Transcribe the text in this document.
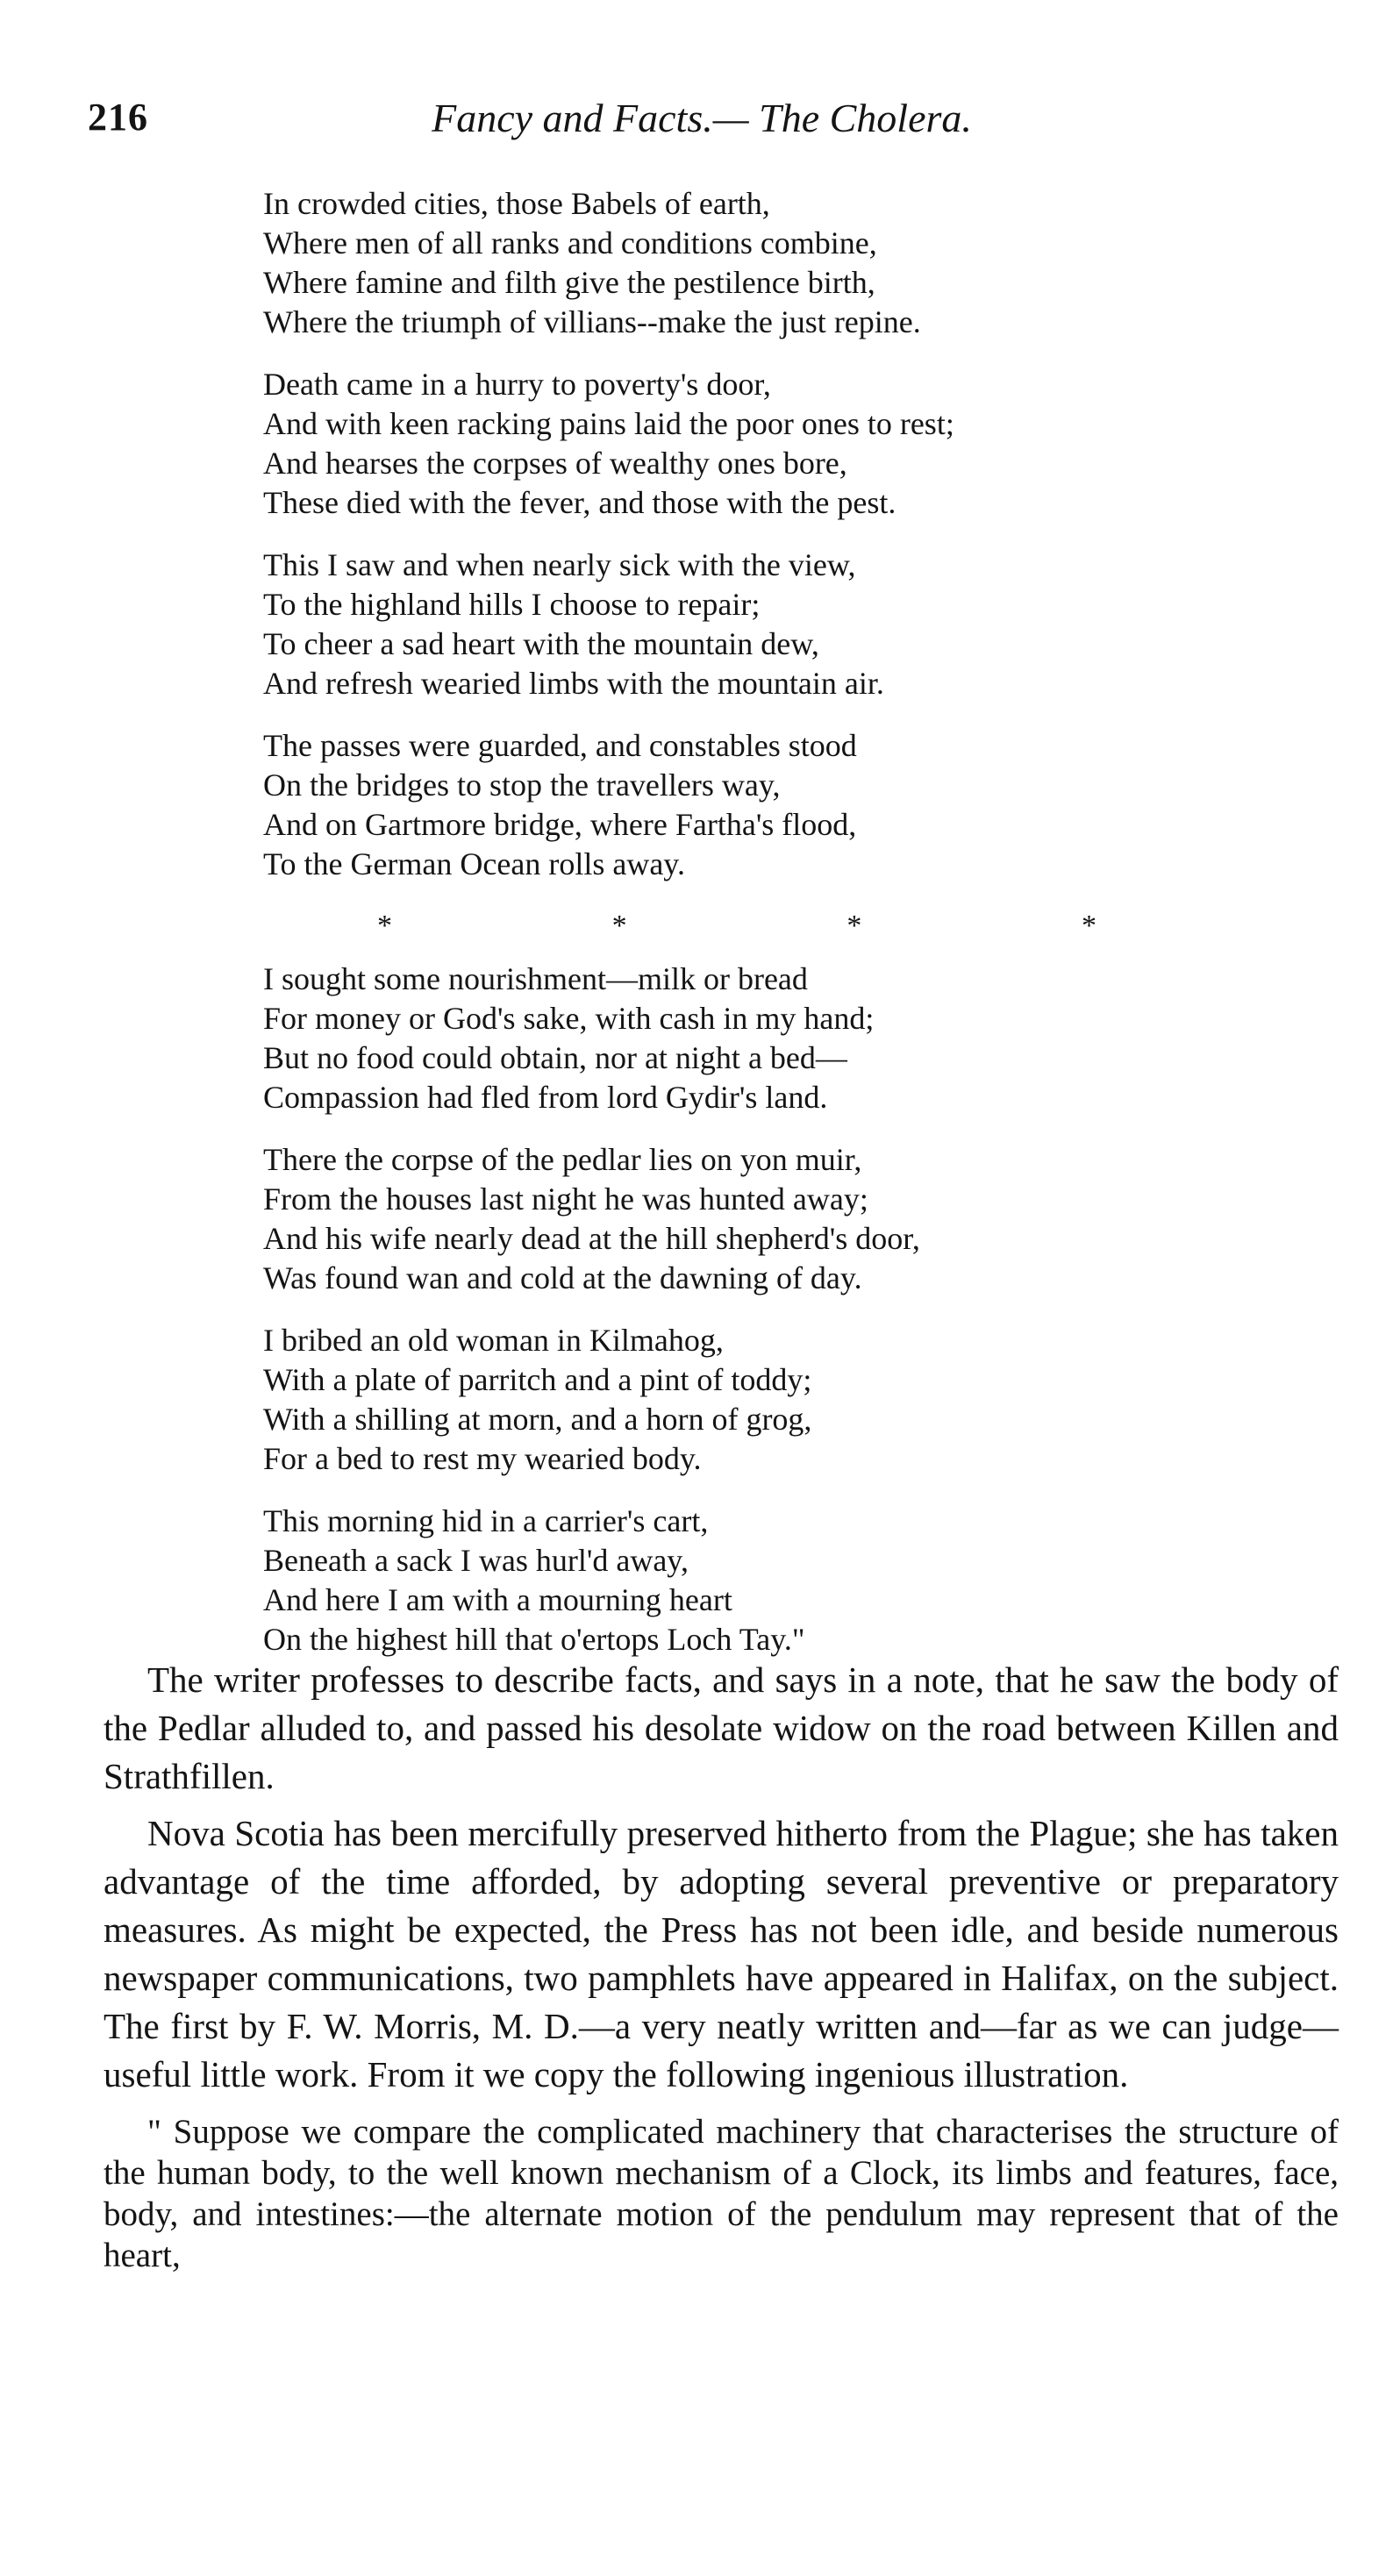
216	Fancy and Facts.— The Cholera.
In crowded cities, those Babels of earth,
Where men of all ranks and conditions combine,
Where famine and filth give the pestilence birth,
Where the triumph of villians--make the just repine.
Death came in a hurry to poverty's door,
And with keen racking pains laid the poor ones to rest;
And hearses the corpses of wealthy ones bore,
These died with the fever, and those with the pest.
This I saw and when nearly sick with the view,
To the highland hills I choose to repair;
To cheer a sad heart with the mountain dew,
And refresh wearied limbs with the mountain air.
The passes were guarded, and constables stood
On the bridges to stop the travellers way,
And on Gartmore bridge, where Fartha's flood,
To the German Ocean rolls away.
*	*	*	*
I sought some nourishment—milk or bread
For money or God's sake, with cash in my hand;
But no food could obtain, nor at night a bed—
Compassion had fled from lord Gydir's land.
There the corpse of the pedlar lies on yon muir,
From the houses last night he was hunted away;
And his wife nearly dead at the hill shepherd's door,
Was found wan and cold at the dawning of day.
I bribed an old woman in Kilmahog,
With a plate of parritch and a pint of toddy;
With a shilling at morn, and a horn of grog,
For a bed to rest my wearied body.
This morning hid in a carrier's cart,
Beneath a sack I was hurl'd away,
And here I am with a mourning heart
On the highest hill that o'ertops Loch Tay."

The writer professes to describe facts, and says in a note, that he saw the body of the Pedlar alluded to, and passed his desolate widow on the road between Killen and Strathfillen.

Nova Scotia has been mercifully preserved hitherto from the Plague; she has taken advantage of the time afforded, by adopting several preventive or preparatory measures. As might be expected, the Press has not been idle, and beside numerous newspaper communications, two pamphlets have appeared in Halifax, on the subject. The first by F. W. Morris, M. D.—a very neatly written and—far as we can judge—useful little work. From it we copy the following ingenious illustration.

" Suppose we compare the complicated machinery that characterises the structure of the human body, to the well known mechanism of a Clock, its limbs and features, face, body, and intestines:—the alternate motion of the pendulum may represent that of the heart,
